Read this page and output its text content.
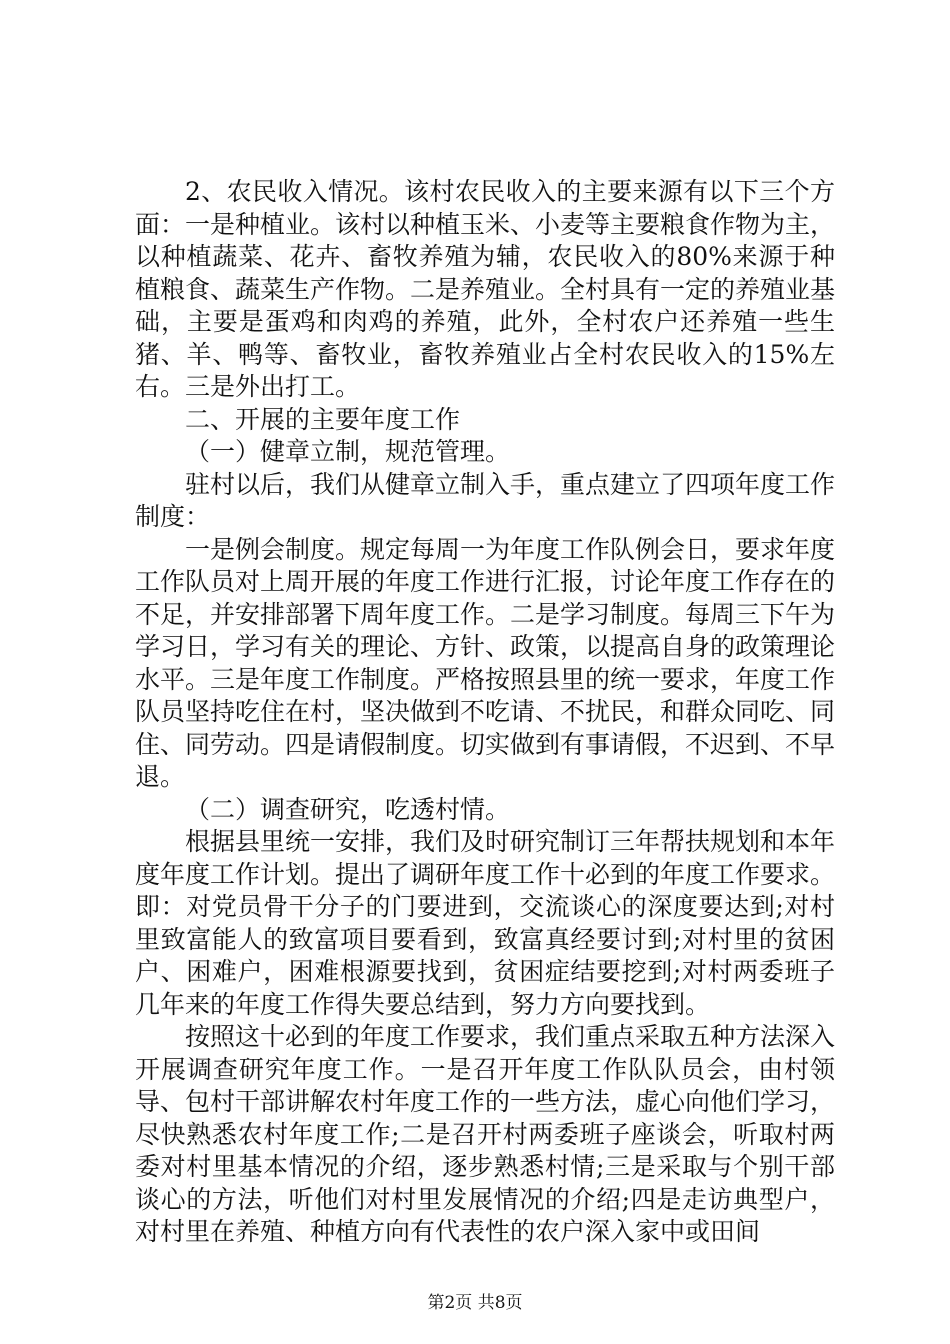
2、农民收入情况。该村农民收入的主要来源有以下三个方面：一是种植业。该村以种植玉米、小麦等主要粮食作物为主，以种植蔬菜、花卉、畜牧养殖为辅，农民收入的80%来源于种植粮食、蔬菜生产作物。二是养殖业。全村具有一定的养殖业基础，主要是蛋鸡和肉鸡的养殖，此外，全村农户还养殖一些生猪、羊、鸭等、畜牧业，畜牧养殖业占全村农民收入的15%左右。三是外出打工。

二、开展的主要年度工作

（一）健章立制，规范管理。

驻村以后，我们从健章立制入手，重点建立了四项年度工作制度：

一是例会制度。规定每周一为年度工作队例会日，要求年度工作队员对上周开展的年度工作进行汇报，讨论年度工作存在的不足，并安排部署下周年度工作。二是学习制度。每周三下午为学习日，学习有关的理论、方针、政策，以提高自身的政策理论水平。三是年度工作制度。严格按照县里的统一要求，年度工作队员坚持吃住在村，坚决做到不吃请、不扰民，和群众同吃、同住、同劳动。四是请假制度。切实做到有事请假，不迟到、不早退。

（二）调查研究，吃透村情。

根据县里统一安排，我们及时研究制订三年帮扶规划和本年度年度工作计划。提出了调研年度工作十必到的年度工作要求。即：对党员骨干分子的门要进到，交流谈心的深度要达到;对村里致富能人的致富项目要看到，致富真经要讨到;对村里的贫困户、困难户，困难根源要找到，贫困症结要挖到;对村两委班子几年来的年度工作得失要总结到，努力方向要找到。

按照这十必到的年度工作要求，我们重点采取五种方法深入开展调查研究年度工作。一是召开年度工作队队员会，由村领导、包村干部讲解农村年度工作的一些方法，虚心向他们学习，尽快熟悉农村年度工作;二是召开村两委班子座谈会，听取村两委对村里基本情况的介绍，逐步熟悉村情;三是采取与个别干部谈心的方法，听他们对村里发展情况的介绍;四是走访典型户，对村里在养殖、种植方向有代表性的农户深入家中或田间

第2页 共8页
